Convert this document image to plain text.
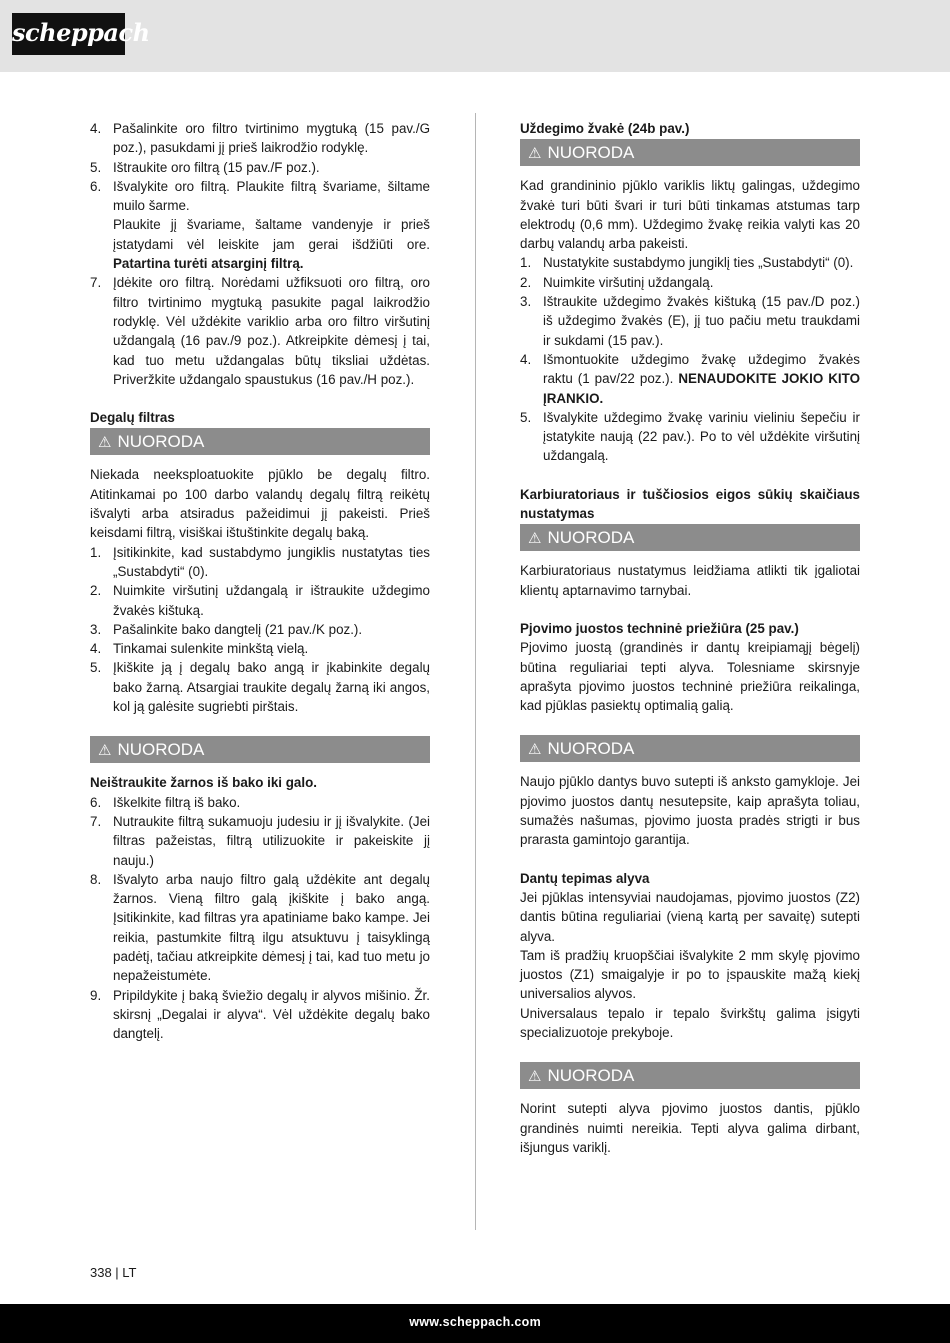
scheppach
4. Pašalinkite oro filtro tvirtinimo mygtuką (15 pav./G poz.), pasukdami jį prieš laikrodžio rodyklę.
5. Ištraukite oro filtrą (15 pav./F poz.).
6. Išvalykite oro filtrą. Plaukite filtrą švariame, šiltame muilo šarme.
Plaukite jį švariame, šaltame vandenyje ir prieš įstatydami vėl leiskite jam gerai išdžiūti ore. Patartina turėti atsarginį filtrą.
7. Įdėkite oro filtrą. Norėdami užfiksuoti oro filtrą, oro filtro tvirtinimo mygtuką pasukite pagal laikrodžio rodyklę. Vėl uždėkite variklio arba oro filtro viršutinį uždangalą (16 pav./9 poz.). Atkreipkite dėmesį į tai, kad tuo metu uždangalas būtų tiksliai uždėtas. Priveržkite uždangalo spaustukus (16 pav./H poz.).
Degalų filtras
⚠ NUORODA

Niekada neeksploatuokite pjūklo be degalų filtro. Atitinkamai po 100 darbo valandų degalų filtrą reikėtų išvalyti arba atsiradus pažeidimui jį pakeisti. Prieš keisdami filtrą, visiškai ištuštinkite degalų baką.

1. Įsitikinkite, kad sustabdymo jungiklis nustatytas ties „Sustabdyti“ (0).
2. Nuimkite viršutinį uždangalą ir ištraukite uždegimo žvakės kištuką.
3. Pašalinkite bako dangtelį (21 pav./K poz.).
4. Tinkamai sulenkite minkštą vielą.
5. Įkiškite ją į degalų bako angą ir įkabinkite degalų bako žarną. Atsargiai traukite degalų žarną iki angos, kol ją galėsite sugriebti pirštais.
⚠ NUORODA
Neištraukite žarnos iš bako iki galo.
6. Iškelkite filtrą iš bako.
7. Nutraukite filtrą sukamuoju judesiu ir jį išvalykite. (Jei filtras pažeistas, filtrą utilizuokite ir pakeiskite jį nauju.)
8. Išvalyto arba naujo filtro galą uždėkite ant degalų žarnos. Vieną filtro galą įkiškite į bako angą. Įsitikinkite, kad filtras yra apatiniame bako kampe. Jei reikia, pastumkite filtrą ilgu atsuktuvu į taisyklingą padėtį, tačiau atkreipkite dėmesį į tai, kad tuo metu jo nepažeistumėte.
9. Pripildykite į baką šviežio degalų ir alyvos mišinio. Žr. skirsnį „Degalai ir alyva“. Vėl uždėkite degalų bako dangtelį.
Uždegimo žvakė (24b pav.)
⚠ NUORODA

Kad grandininio pjūklo variklis liktų galingas, uždegimo žvakė turi būti švari ir turi būti tinkamas atstumas tarp elektrodų (0,6 mm). Uždegimo žvakę reikia valyti kas 20 darbų valandų arba pakeisti.

1. Nustatykite sustabdymo jungiklį ties „Sustabdyti“ (0).
2. Nuimkite viršutinį uždangalą.
3. Ištraukite uždegimo žvakės kištuką (15 pav./D poz.) iš uždegimo žvakės (E), jį tuo pačiu metu traukdami ir sukdami (15 pav.).
4. Išmontuokite uždegimo žvakę uždegimo žvakės raktu (1 pav/22 poz.). NENAUDOKITE JOKIO KITO ĮRANKIO.
5. Išvalykite uždegimo žvakę variniu vieliniu šepečiu ir įstatykite naują (22 pav.). Po to vėl uždėkite viršutinį uždangalą.
Karbiuratoriaus ir tuščiosios eigos sūkių skaičiaus nustatymas
⚠ NUORODA

Karbiuratoriaus nustatymus leidžiama atlikti tik įgaliotai klientų aptarnavimo tarnybai.

Pjovimo juostos techninė priežiūra (25 pav.)

Pjovimo juostą (grandinės ir dantų kreipiamąjį bėgelį) būtina reguliariai tepti alyva. Tolesniame skirsnyje aprašyta pjovimo juostos techninė priežiūra reikalinga, kad pjūklas pasiektų optimalią galią.

⚠ NUORODA

Naujo pjūklo dantys buvo sutepti iš anksto gamykloje. Jei pjovimo juostos dantų nesutepsite, kaip aprašyta toliau, sumažės našumas, pjovimo juosta pradės strigti ir bus prarasta gamintojo garantija.

Dantų tepimas alyva

Jei pjūklas intensyviai naudojamas, pjovimo juostos (Z2) dantis būtina reguliariai (vieną kartą per savaitę) sutepti alyva.

Tam iš pradžių kruopščiai išvalykite 2 mm skylę pjovimo juostos (Z1) smaigalyje ir po to įspauskite mažą kiekį universalios alyvos.

Universalaus tepalo ir tepalo švirkštų galima įsigyti specializuotoje prekyboje.

⚠ NUORODA

Norint sutepti alyva pjovimo juostos dantis, pjūklo grandinės nuimti nereikia. Tepti alyva galima dirbant, išjungus variklį.

338 | LT
www.scheppach.com
